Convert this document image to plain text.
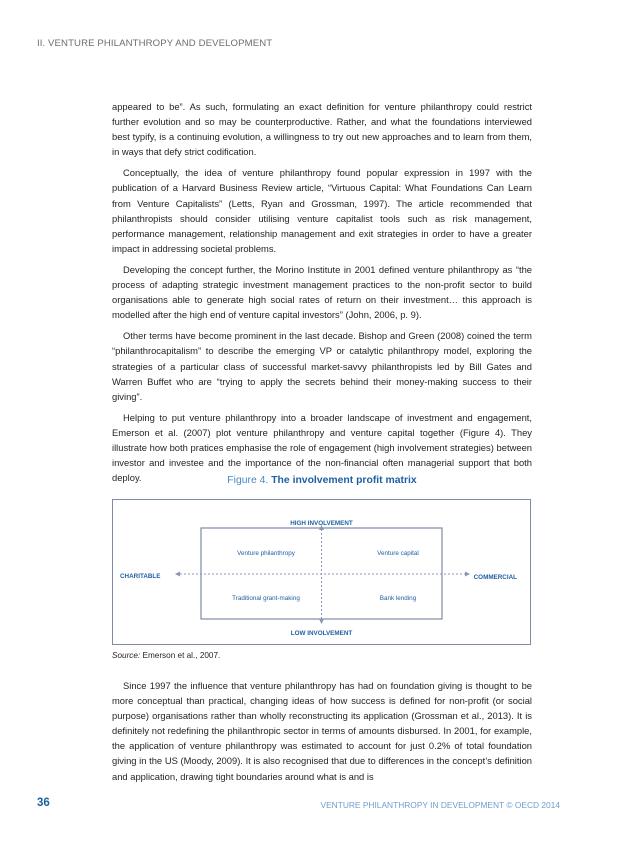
II. VENTURE PHILANTHROPY AND DEVELOPMENT

appeared to be”. As such, formulating an exact definition for venture philanthropy could restrict further evolution and so may be counterproductive. Rather, and what the foundations interviewed best typify, is a continuing evolution, a willingness to try out new approaches and to learn from them, in ways that defy strict codification.

Conceptually, the idea of venture philanthropy found popular expression in 1997 with the publication of a Harvard Business Review article, “Virtuous Capital: What Foundations Can Learn from Venture Capitalists” (Letts, Ryan and Grossman, 1997). The article recommended that philanthropists should consider utilising venture capitalist tools such as risk management, performance management, relationship management and exit strategies in order to have a greater impact in addressing societal problems.

Developing the concept further, the Morino Institute in 2001 defined venture philanthropy as “the process of adapting strategic investment management practices to the non-profit sector to build organisations able to generate high social rates of return on their investment… this approach is modelled after the high end of venture capital investors” (John, 2006, p. 9).

Other terms have become prominent in the last decade. Bishop and Green (2008) coined the term “philanthrocapitalism” to describe the emerging VP or catalytic philanthropy model, exploring the strategies of a particular class of successful market-savvy philanthropists led by Bill Gates and Warren Buffet who are “trying to apply the secrets behind their money-making success to their giving”.

Helping to put venture philanthropy into a broader landscape of investment and engagement, Emerson et al. (2007) plot venture philanthropy and venture capital together (Figure 4). They illustrate how both pratices emphasise the role of engagement (high involvement strategies) between investor and investee and the importance of the non-financial often managerial support that both deploy.	Figure 4. The involvement profit matrix
HIGH INVOLVEMENT
LOW INVOLVEMENT
CHARITABLE	COMMERCIAL
Venture philanthropy	Venture capital
Traditional grant-making	Bank lending
Source: Emerson et al., 2007.

Since 1997 the influence that venture philanthropy has had on foundation giving is thought to be more conceptual than practical, changing ideas of how success is defined for non-profit (or social purpose) organisations rather than wholly reconstructing its application (Grossman et al., 2013). It is definitely not redefining the philanthropic sector in terms of amounts disbursed. In 2001, for example, the application of venture philanthropy was estimated to account for just 0.2% of total foundation giving in the US (Moody, 2009). It is also recognised that due to differences in the concept’s definition and application, drawing tight boundaries around what is and is

36	VENTURE PHILANTHROPY IN DEVELOPMENT © OECD 2014
